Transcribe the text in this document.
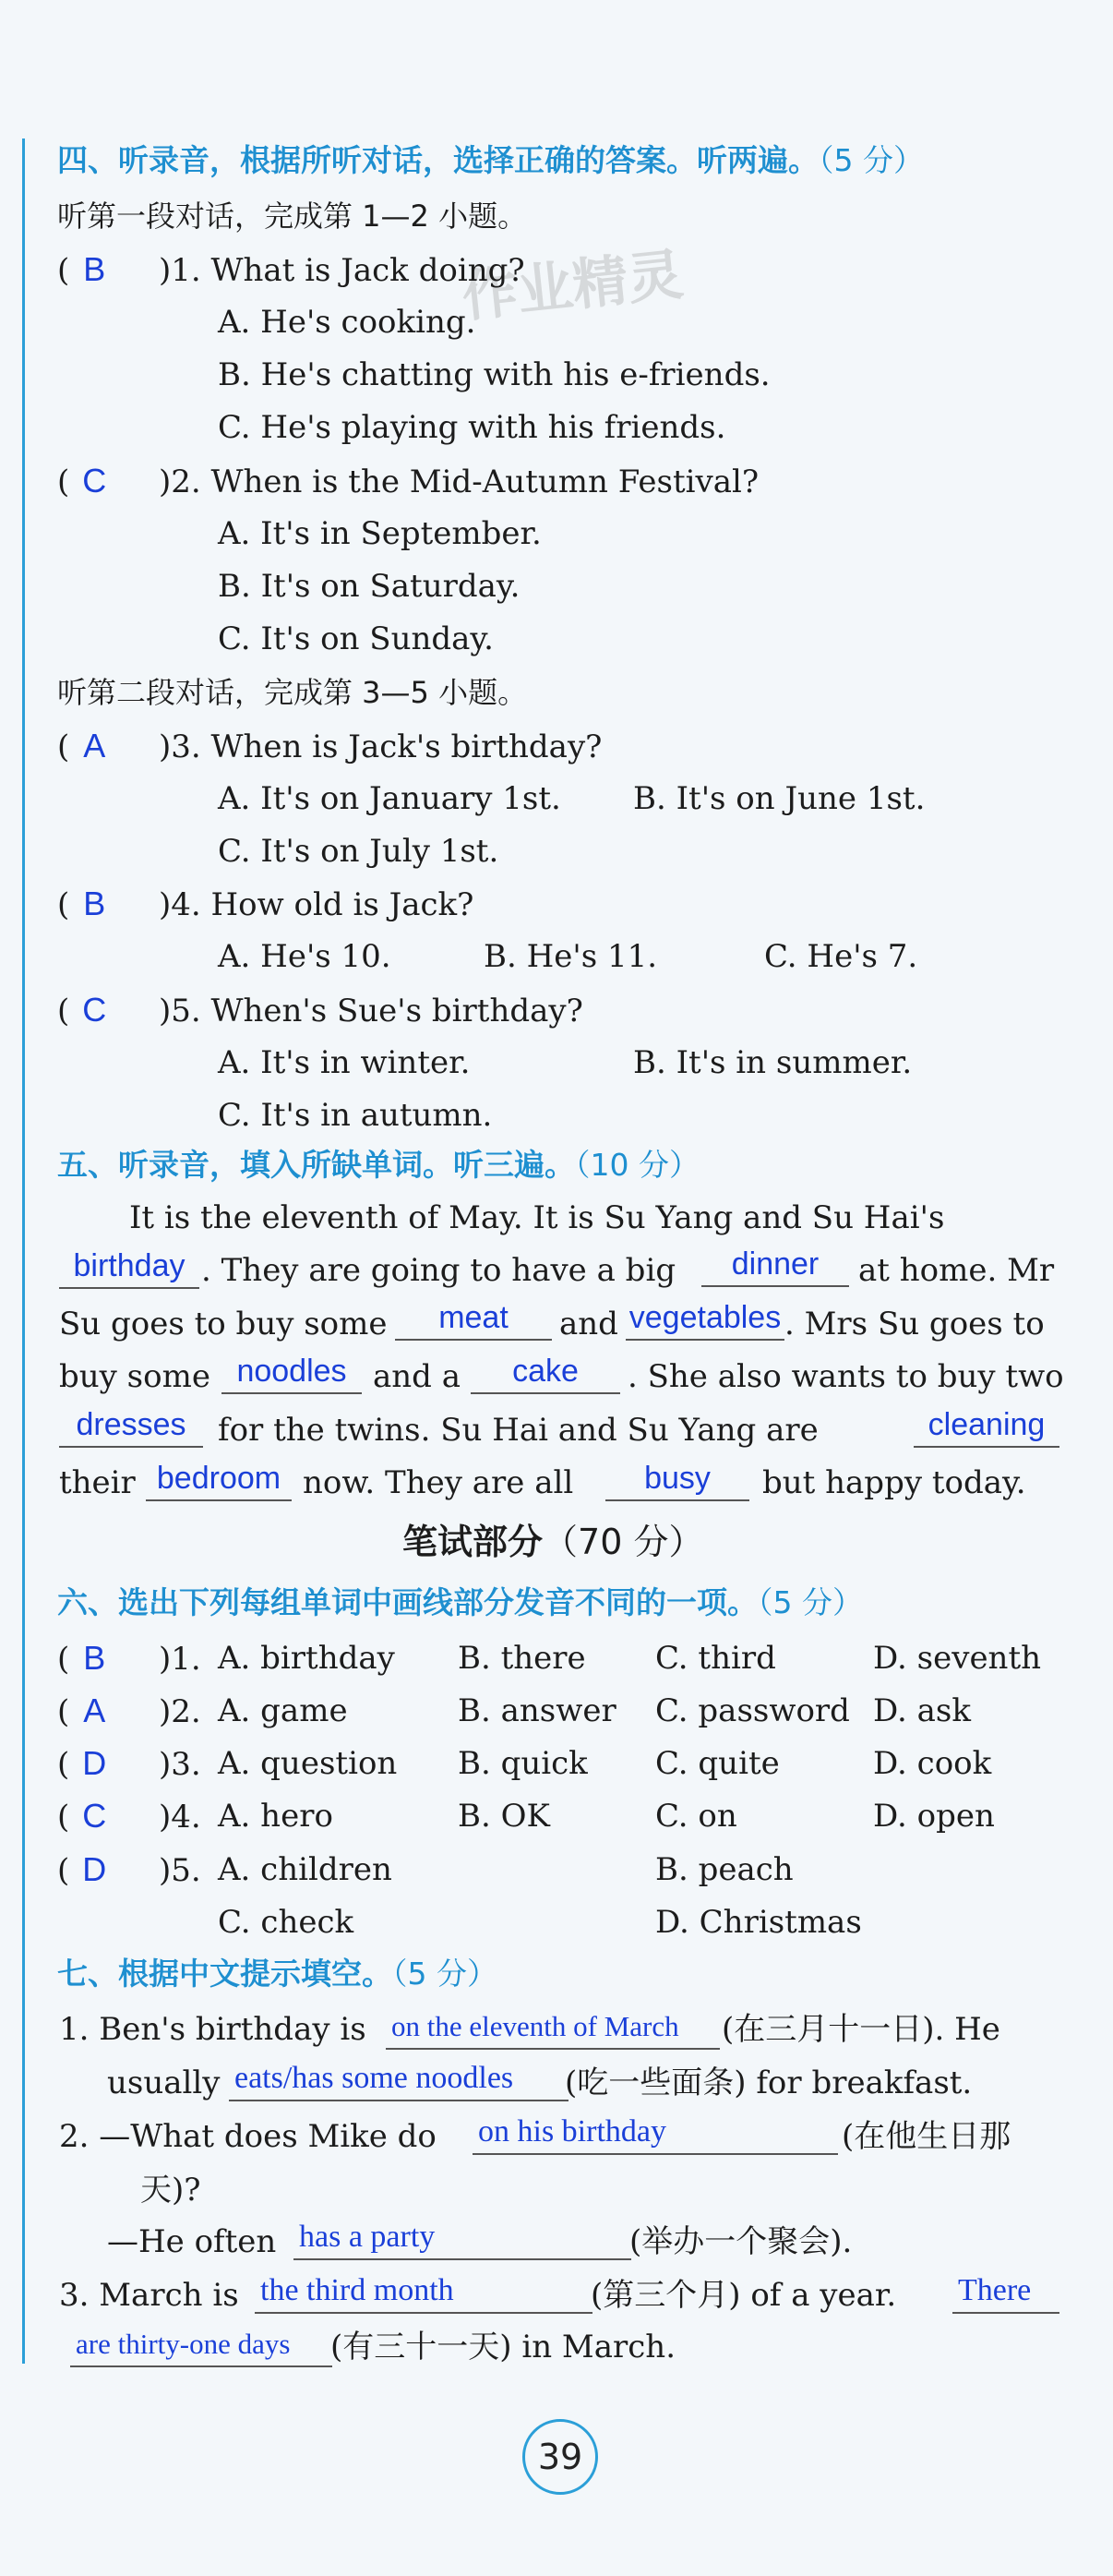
作业精灵
四、听录音，根据所听对话，选择正确的答案。听两遍。（5 分）
听第一段对话，完成第 1—2 小题。
( B )1. What is Jack doing?
A. He's cooking.
B. He's chatting with his e-friends.
C. He's playing with his friends.
( C )2. When is the Mid-Autumn Festival?
A. It's in September.
B. It's on Saturday.
C. It's on Sunday.
听第二段对话，完成第 3—5 小题。
( A )3. When is Jack's birthday?
A. It's on January 1st. B. It's on June 1st.
C. It's on July 1st.
( B )4. How old is Jack?
A. He's 10.	B. He's 11.	C. He's 7.
( C )5. When's Sue's birthday?
A. It's in winter.	B. It's in summer.
C. It's in autumn.
五、听录音，填入所缺单词。听三遍。（10 分）
It is the eleventh of May. It is Su Yang and Su Hai's
birthday . They are going to have a big	dinner	at home. Mr
Su goes to buy some	meat	and vegetables . Mrs Su goes to
buy some noodles and a	cake	. She also wants to buy two
dresses	for the twins. Su Hai and Su Yang are	cleaning
their bedroom now. They are all	busy	but happy today.
笔试部分（70 分）
六、选出下列每组单词中画线部分发音不同的一项。（5 分）
( B )1. A. birthday B. there C. third	D. seventh
( A )2. A. game	B. answer C. password D. ask
( D )3. A. question B. quick C. quite	D. cook
( C )4. A. hero	B. OK	C. on	D. open
( D )5. A. children	B. peach
C. check	D. Christmas
七、根据中文提示填空。（5 分）
1. Ben's birthday is on the eleventh of March	(在三月十一日). He
usually eats/has some noodles	(吃一些面条) for breakfast.
2. —What does Mike do on his birthday	(在他生日那
天)?
—He often has a party	(举办一个聚会).
3. March is the third month	(第三个月) of a year. There
are thirty-one days	(有三十一天) in March.
39
